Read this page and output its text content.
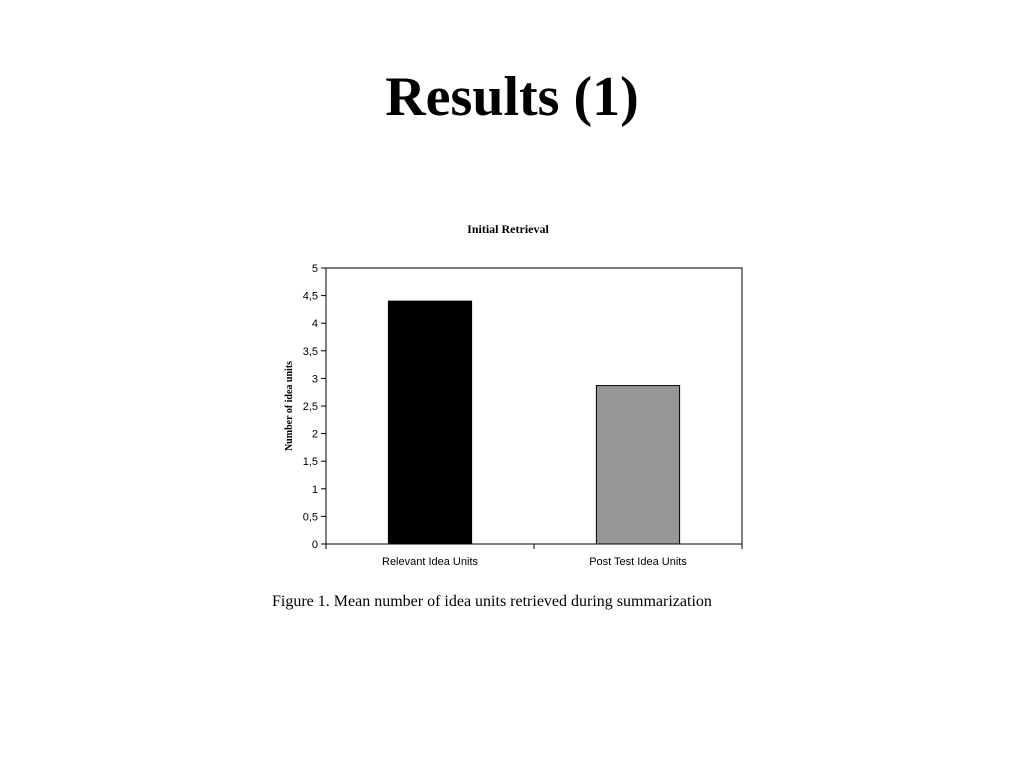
Results (1)
Initial Retrieval
Number of idea units
0
0,5
1
1,5
2
2,5
3
3,5
4
4,5
5
Relevant Idea Units	Post Test Idea Units
Figure 1. Mean number of idea units retrieved during summarization
